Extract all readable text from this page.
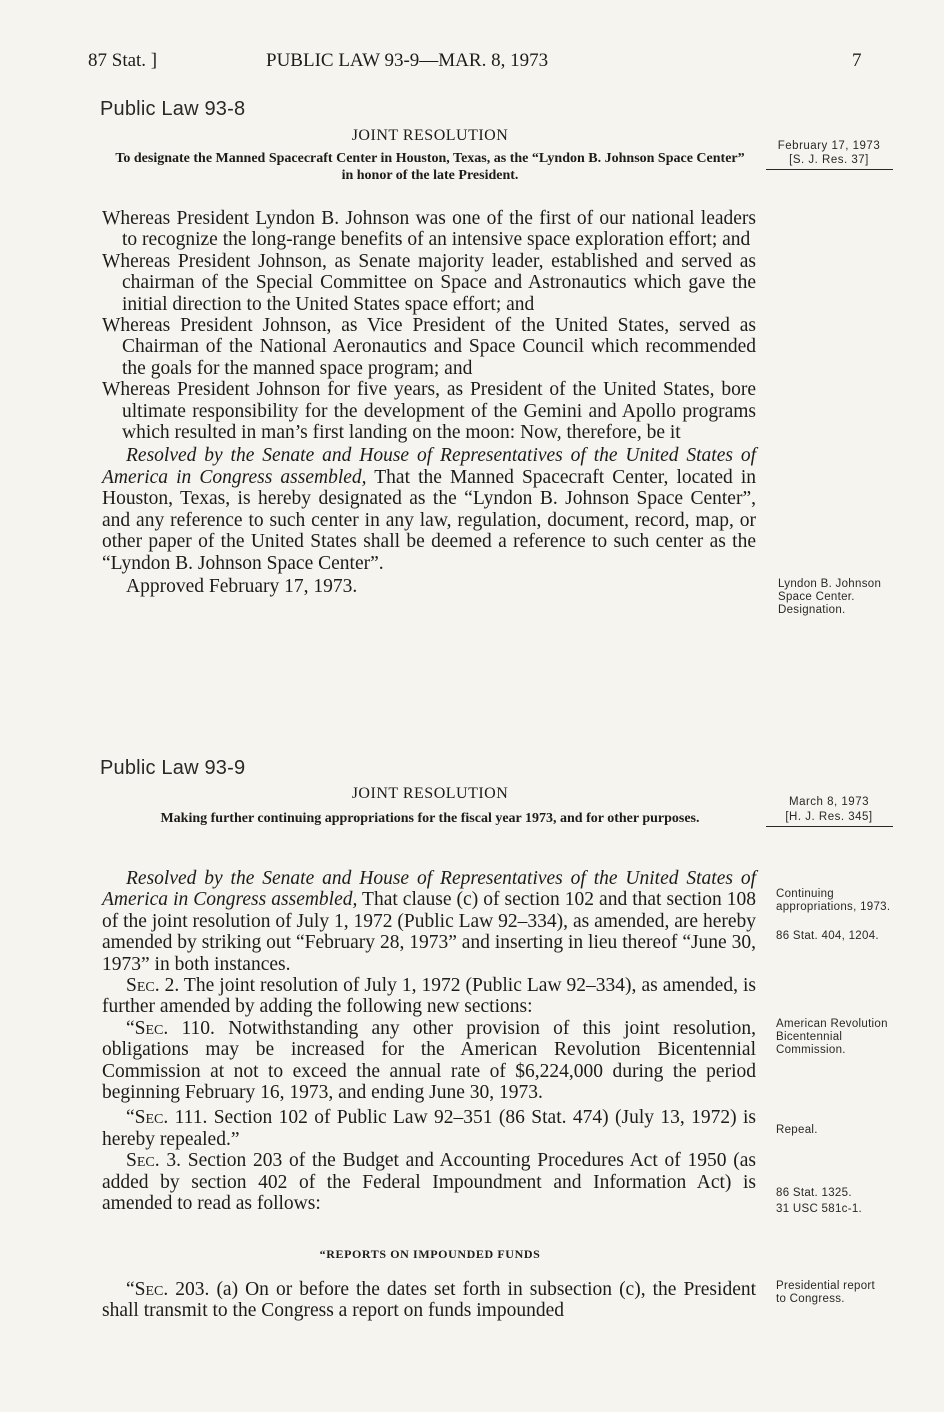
87 Stat. ]	PUBLIC LAW 93-9—MAR. 8, 1973	7
Public Law 93-8
JOINT RESOLUTION
To designate the Manned Spacecraft Center in Houston, Texas, as the “Lyndon B. Johnson Space Center” in honor of the late President.
February 17, 1973
[S. J. Res. 37]

Whereas President Lyndon B. Johnson was one of the first of our national leaders to recognize the long-range benefits of an intensive space exploration effort; and

Whereas President Johnson, as Senate majority leader, established and served as chairman of the Special Committee on Space and Astronautics which gave the initial direction to the United States space effort; and

Whereas President Johnson, as Vice President of the United States, served as Chairman of the National Aeronautics and Space Council which recommended the goals for the manned space program; and

Whereas President Johnson for five years, as President of the United States, bore ultimate responsibility for the development of the Gemini and Apollo programs which resulted in man’s first landing on the moon: Now, therefore, be it

Resolved by the Senate and House of Representatives of the United States of America in Congress assembled, That the Manned Spacecraft Center, located in Houston, Texas, is hereby designated as the “Lyndon B. Johnson Space Center”, and any reference to such center in any law, regulation, document, record, map, or other paper of the United States shall be deemed a reference to such center as the “Lyndon B. Johnson Space Center”.

Approved February 17, 1973.	Lyndon B. Johnson Space Center. Designation.
Public Law 93-9
JOINT RESOLUTION
Making further continuing appropriations for the fiscal year 1973, and for other purposes.
March 8, 1973
[H. J. Res. 345]

Resolved by the Senate and House of Representatives of the United States of America in Congress assembled, That clause (c) of section 102 and that section 108 of the joint resolution of July 1, 1972 (Public Law 92–334), as amended, are hereby amended by striking out “February 28, 1973” and inserting in lieu thereof “June 30, 1973” in both instances.

Sec. 2. The joint resolution of July 1, 1972 (Public Law 92–334), as amended, is further amended by adding the following new sections:

“Sec. 110. Notwithstanding any other provision of this joint resolution, obligations may be increased for the American Revolution Bicentennial Commission at not to exceed the annual rate of $6,224,000 during the period beginning February 16, 1973, and ending June 30, 1973.

“Sec. 111. Section 102 of Public Law 92–351 (86 Stat. 474) (July 13, 1972) is hereby repealed.”

Sec. 3. Section 203 of the Budget and Accounting Procedures Act of 1950 (as added by section 402 of the Federal Impoundment and Information Act) is amended to read as follows:

“REPORTS ON IMPOUNDED FUNDS

“Sec. 203. (a) On or before the dates set forth in subsection (c), the President shall transmit to the Congress a report on funds impounded

Continuing appropriations, 1973.
86 Stat. 404, 1204.
American Revolution Bicentennial Commission.
Repeal.
86 Stat. 1325.
31 USC 581c-1.
Presidential report to Congress.
